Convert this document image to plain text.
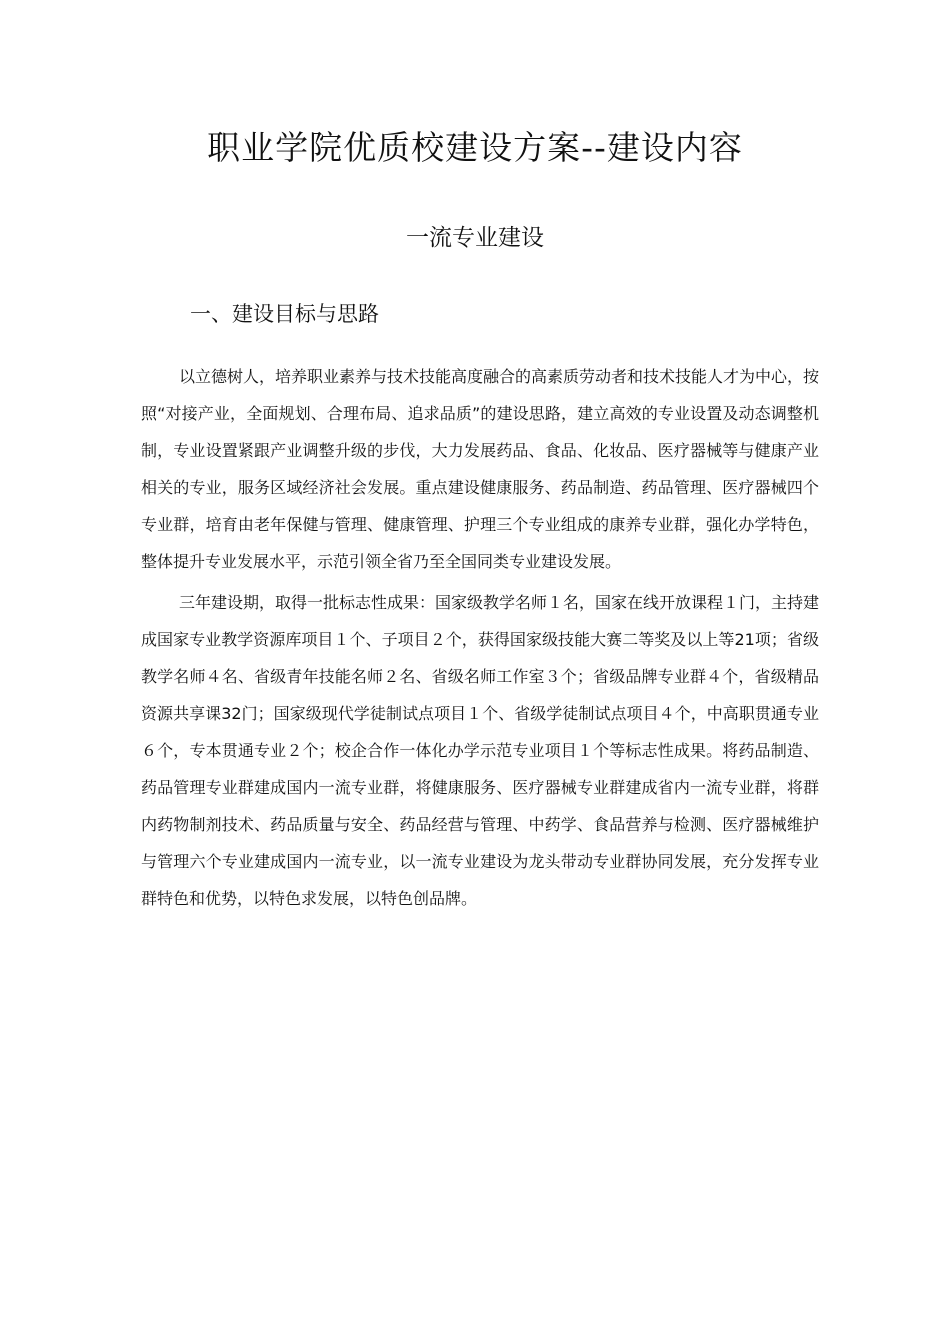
职业学院优质校建设方案--建设内容
一流专业建设
一、建设目标与思路

以立德树人，培养职业素养与技术技能高度融合的高素质劳动者和技术技能人才为中心，按照“对接产业，全面规划、合理布局、追求品质”的建设思路，建立高效的专业设置及动态调整机制，专业设置紧跟产业调整升级的步伐，大力发展药品、食品、化妆品、医疗器械等与健康产业相关的专业，服务区域经济社会发展。重点建设健康服务、药品制造、药品管理、医疗器械四个专业群，培育由老年保健与管理、健康管理、护理三个专业组成的康养专业群，强化办学特色，整体提升专业发展水平，示范引领全省乃至全国同类专业建设发展。

三年建设期，取得一批标志性成果：国家级教学名师１名，国家在线开放课程１门，主持建成国家专业教学资源库项目１个、子项目２个，获得国家级技能大赛二等奖及以上等21项；省级教学名师４名、省级青年技能名师２名、省级名师工作室３个；省级品牌专业群４个，省级精品资源共享课32门；国家级现代学徒制试点项目１个、省级学徒制试点项目４个，中高职贯通专业６个，专本贯通专业２个；校企合作一体化办学示范专业项目１个等标志性成果。将药品制造、药品管理专业群建成国内一流专业群，将健康服务、医疗器械专业群建成省内一流专业群，将群内药物制剂技术、药品质量与安全、药品经营与管理、中药学、食品营养与检测、医疗器械维护与管理六个专业建成国内一流专业，以一流专业建设为龙头带动专业群协同发展，充分发挥专业群特色和优势，以特色求发展，以特色创品牌。
